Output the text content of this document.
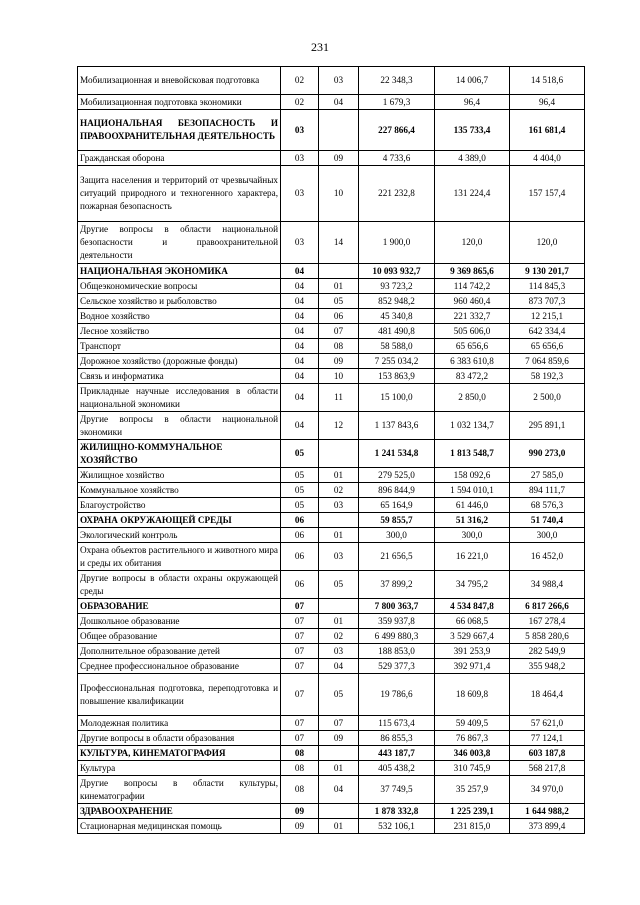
231
Мобилизационная и вневойсковая подготовка	02	03	22 348,3	14 006,7	14 518,6
Мобилизационная подготовка экономики	02	04	1 679,3	96,4	96,4
НАЦИОНАЛЬНАЯ БЕЗОПАСНОСТЬ И ПРАВООХРАНИТЕЛЬНАЯ ДЕЯТЕЛЬНОСТЬ	03		227 866,4	135 733,4	161 681,4
Гражданская оборона	03	09	4 733,6	4 389,0	4 404,0
Защита населения и территорий от чрезвычайных ситуаций природного и техногенного характера, пожарная безопасность	03	10	221 232,8	131 224,4	157 157,4
Другие вопросы в области национальной безопасности и правоохранительной деятельности	03	14	1 900,0	120,0	120,0
НАЦИОНАЛЬНАЯ ЭКОНОМИКА	04		10 093 932,7	9 369 865,6	9 130 201,7
Общеэкономические вопросы	04	01	93 723,2	114 742,2	114 845,3
Сельское хозяйство и рыболовство	04	05	852 948,2	960 460,4	873 707,3
Водное хозяйство	04	06	45 340,8	221 332,7	12 215,1
Лесное хозяйство	04	07	481 490,8	505 606,0	642 334,4
Транспорт	04	08	58 588,0	65 656,6	65 656,6
Дорожное хозяйство (дорожные фонды)	04	09	7 255 034,2	6 383 610,8	7 064 859,6
Связь и информатика	04	10	153 863,9	83 472,2	58 192,3
Прикладные научные исследования в области национальной экономики	04	11	15 100,0	2 850,0	2 500,0
Другие вопросы в области национальной экономики	04	12	1 137 843,6	1 032 134,7	295 891,1
ЖИЛИЩНО-КОММУНАЛЬНОЕ ХОЗЯЙСТВО	05		1 241 534,8	1 813 548,7	990 273,0
Жилищное хозяйство	05	01	279 525,0	158 092,6	27 585,0
Коммунальное хозяйство	05	02	896 844,9	1 594 010,1	894 111,7
Благоустройство	05	03	65 164,9	61 446,0	68 576,3
ОХРАНА ОКРУЖАЮЩЕЙ СРЕДЫ	06		59 855,7	51 316,2	51 740,4
Экологический контроль	06	01	300,0	300,0	300,0
Охрана объектов растительного и животного мира и среды их обитания	06	03	21 656,5	16 221,0	16 452,0
Другие вопросы в области охраны окружающей среды	06	05	37 899,2	34 795,2	34 988,4
ОБРАЗОВАНИЕ	07		7 800 363,7	4 534 847,8	6 817 266,6
Дошкольное образование	07	01	359 937,8	66 068,5	167 278,4
Общее образование	07	02	6 499 880,3	3 529 667,4	5 858 280,6
Дополнительное образование детей	07	03	188 853,0	391 253,9	282 549,9
Среднее профессиональное образование	07	04	529 377,3	392 971,4	355 948,2
Профессиональная подготовка, переподготовка и повышение квалификации	07	05	19 786,6	18 609,8	18 464,4
Молодежная политика	07	07	115 673,4	59 409,5	57 621,0
Другие вопросы в области образования	07	09	86 855,3	76 867,3	77 124,1
КУЛЬТУРА, КИНЕМАТОГРАФИЯ	08		443 187,7	346 003,8	603 187,8
Культура	08	01	405 438,2	310 745,9	568 217,8
Другие вопросы в области культуры, кинематографии	08	04	37 749,5	35 257,9	34 970,0
ЗДРАВООХРАНЕНИЕ	09		1 878 332,8	1 225 239,1	1 644 988,2
Стационарная медицинская помощь	09	01	532 106,1	231 815,0	373 899,4
